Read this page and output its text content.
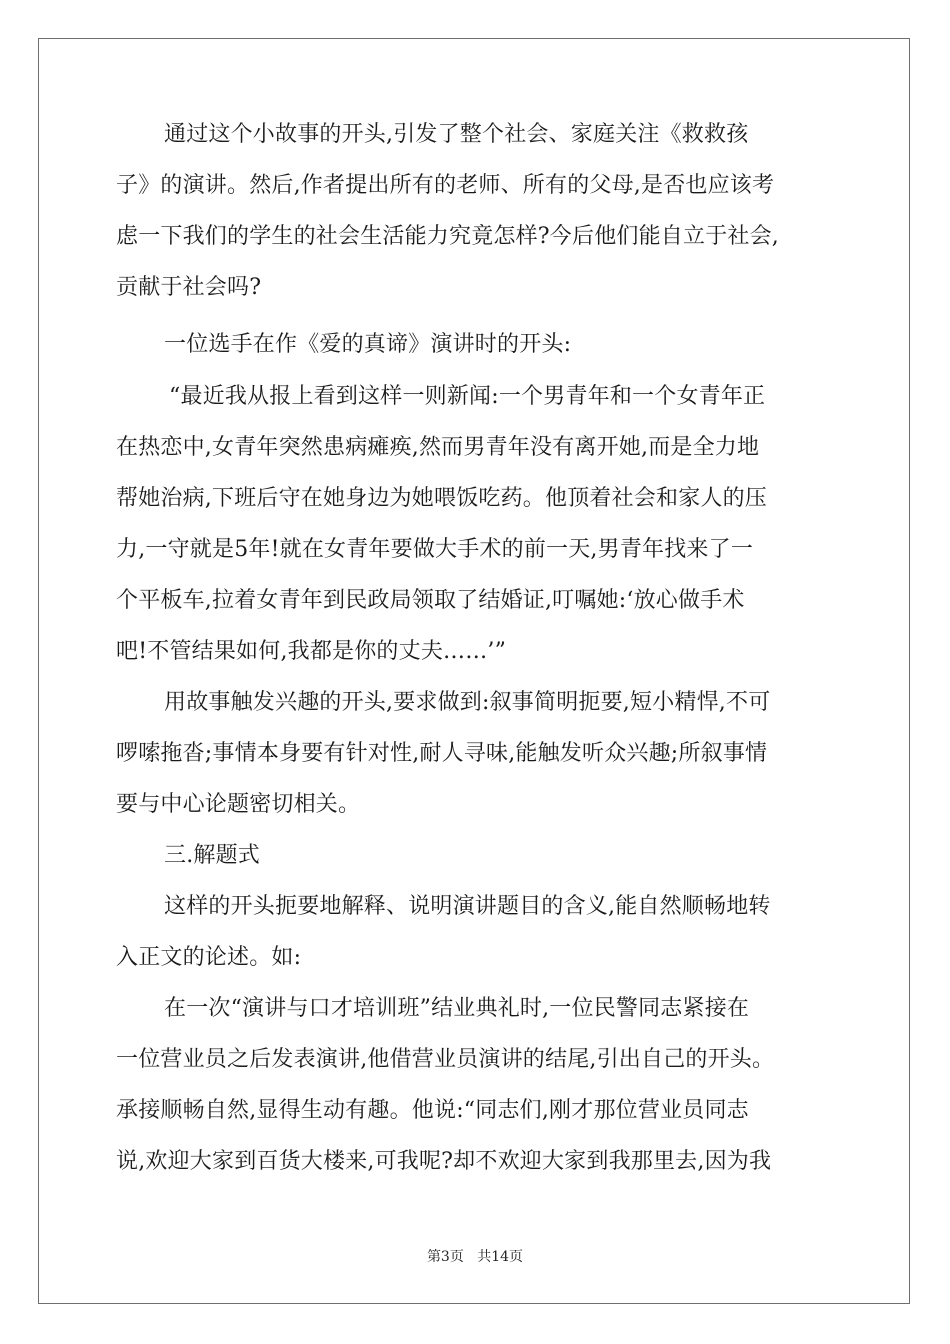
通过这个小故事的开头,引发了整个社会、家庭关注《救救孩
子》的演讲。然后,作者提出所有的老师、所有的父母,是否也应该考
虑一下我们的学生的社会生活能力究竟怎样?今后他们能自立于社会,
贡献于社会吗?
一位选手在作《爱的真谛》演讲时的开头:
“最近我从报上看到这样一则新闻:一个男青年和一个女青年正
在热恋中,女青年突然患病瘫痪,然而男青年没有离开她,而是全力地
帮她治病,下班后守在她身边为她喂饭吃药。他顶着社会和家人的压
力,一守就是5年!就在女青年要做大手术的前一天,男青年找来了一
个平板车,拉着女青年到民政局领取了结婚证,叮嘱她:‘放心做手术
吧!不管结果如何,我都是你的丈夫……’”
用故事触发兴趣的开头,要求做到:叙事简明扼要,短小精悍,不可
啰嗦拖沓;事情本身要有针对性,耐人寻味,能触发听众兴趣;所叙事情
要与中心论题密切相关。
三.解题式
这样的开头扼要地解释、说明演讲题目的含义,能自然顺畅地转
入正文的论述。如:
在一次“演讲与口才培训班”结业典礼时,一位民警同志紧接在
一位营业员之后发表演讲,他借营业员演讲的结尾,引出自己的开头。
承接顺畅自然,显得生动有趣。他说:“同志们,刚才那位营业员同志
说,欢迎大家到百货大楼来,可我呢?却不欢迎大家到我那里去,因为我
第3页 共14页
